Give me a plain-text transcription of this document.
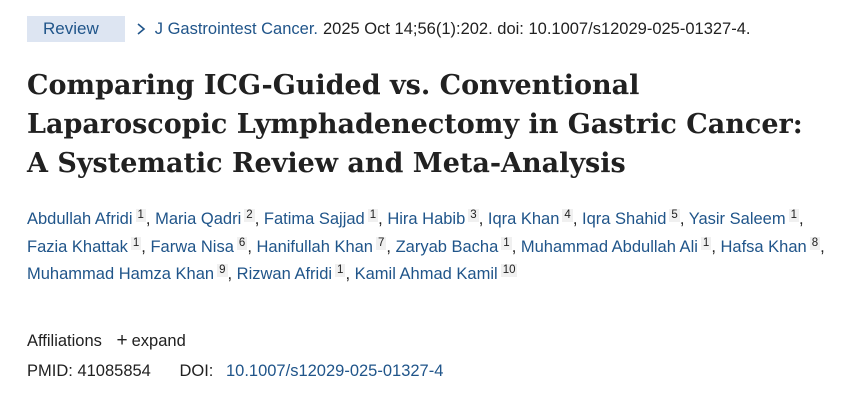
Review	J Gastrointest Cancer. 2025 Oct 14;56(1):202. doi: 10.1007/s12029-025-01327-4.
Comparing ICG-Guided vs. Conventional Laparoscopic Lymphadenectomy in Gastric Cancer: A Systematic Review and Meta-Analysis
Abdullah Afridi 1 , Maria Qadri 2 , Fatima Sajjad 1 , Hira Habib 3 , Iqra Khan 4 , Iqra Shahid 5 , Yasir Saleem 1 , Fazia Khattak 1 , Farwa Nisa 6 , Hanifullah Khan 7 , Zaryab Bacha 1 , Muhammad Abdullah Ali 1 , Hafsa Khan 8 , Muhammad Hamza Khan 9 , Rizwan Afridi 1 , Kamil Ahmad Kamil 10
Affiliations + expand
PMID: 41085854 DOI: 10.1007/s12029-025-01327-4
